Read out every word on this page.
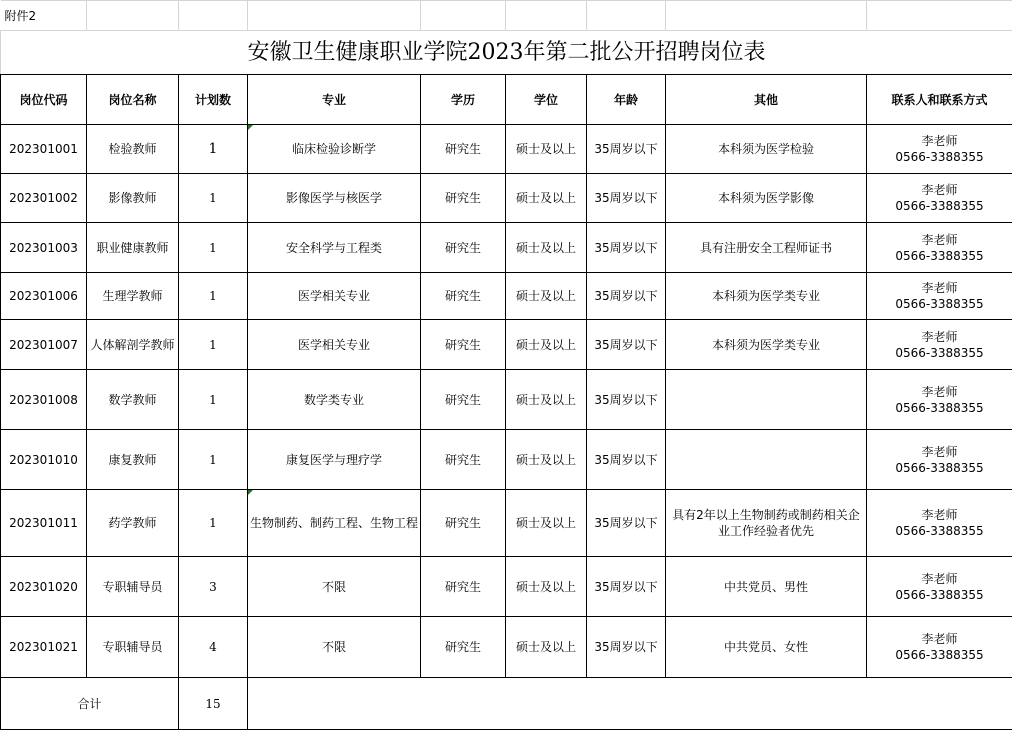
附件2								
安徽卫生健康职业学院2023年第二批公开招聘岗位表								
岗位代码	岗位名称	计划数	专业	学历	学位	年龄	其他	联系人和联系方式
202301001	检验教师	1	临床检验诊断学	研究生	硕士及以上	35周岁以下	本科须为医学检验	李老师
0566-3388355

202301002	影像教师	1	影像医学与核医学	研究生	硕士及以上	35周岁以下	本科须为医学影像	李老师
0566-3388355

202301003	职业健康教师	1	安全科学与工程类	研究生	硕士及以上	35周岁以下	具有注册安全工程师证书	李老师
0566-3388355

202301006	生理学教师	1	医学相关专业	研究生	硕士及以上	35周岁以下	本科须为医学类专业	李老师
0566-3388355

202301007	人体解剖学教师	1	医学相关专业	研究生	硕士及以上	35周岁以下	本科须为医学类专业	李老师
0566-3388355

202301008	数学教师	1	数学类专业	研究生	硕士及以上	35周岁以下		李老师
0566-3388355

202301010	康复教师	1	康复医学与理疗学	研究生	硕士及以上	35周岁以下		李老师
0566-3388355

202301011	药学教师	1	生物制药、制药工程、生物工程	研究生	硕士及以上	35周岁以下	具有2年以上生物制药或制药相关企业工作经验者优先	李老师
0566-3388355

202301020	专职辅导员	3	不限	研究生	硕士及以上	35周岁以下	中共党员、男性	李老师
0566-3388355

202301021	专职辅导员	4	不限	研究生	硕士及以上	35周岁以下	中共党员、女性	李老师
0566-3388355

合计		15						
